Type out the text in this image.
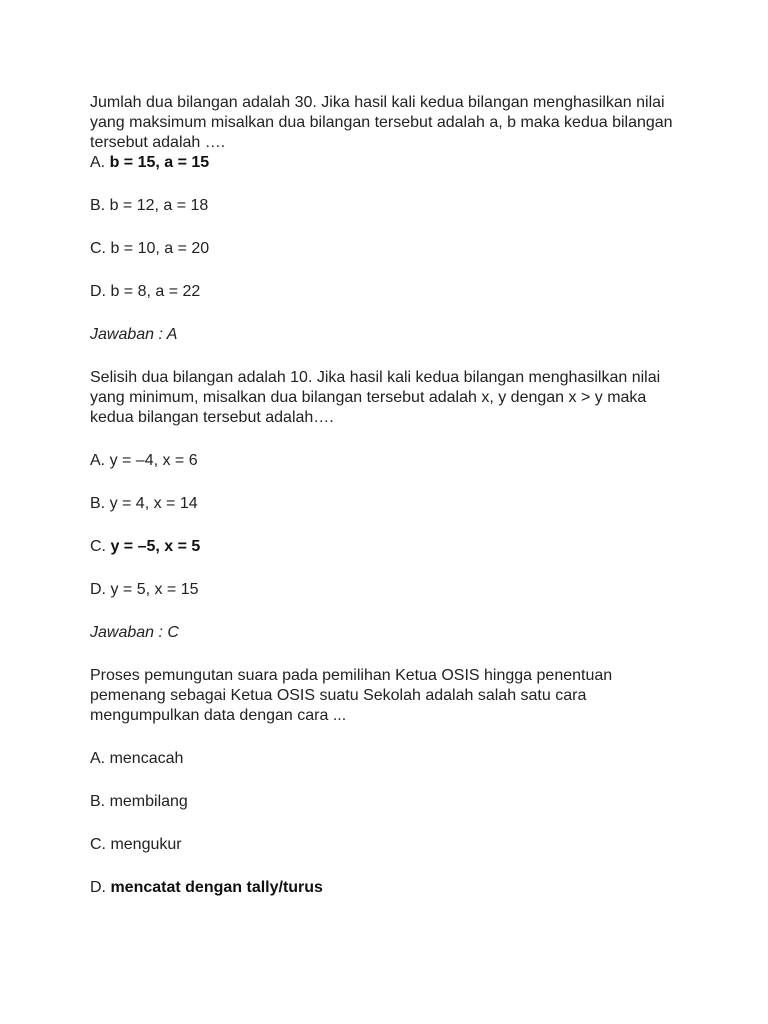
Jumlah dua bilangan adalah 30. Jika hasil kali kedua bilangan menghasilkan nilai yang maksimum misalkan dua bilangan tersebut adalah a, b maka kedua bilangan tersebut adalah ….

A. b = 15, a = 15

B. b = 12, a = 18

C. b = 10, a = 20

D. b = 8, a = 22

Jawaban : A

Selisih dua bilangan adalah 10. Jika hasil kali kedua bilangan menghasilkan nilai yang minimum, misalkan dua bilangan tersebut adalah x, y dengan x > y maka kedua bilangan tersebut adalah….

A. y = –4, x = 6

B. y = 4, x = 14

C. y = –5, x = 5

D. y = 5, x = 15

Jawaban : C

Proses pemungutan suara pada pemilihan Ketua OSIS hingga penentuan pemenang sebagai Ketua OSIS suatu Sekolah adalah salah satu cara mengumpulkan data dengan cara ...

A. mencacah

B. membilang

C. mengukur

D. mencatat dengan tally/turus
